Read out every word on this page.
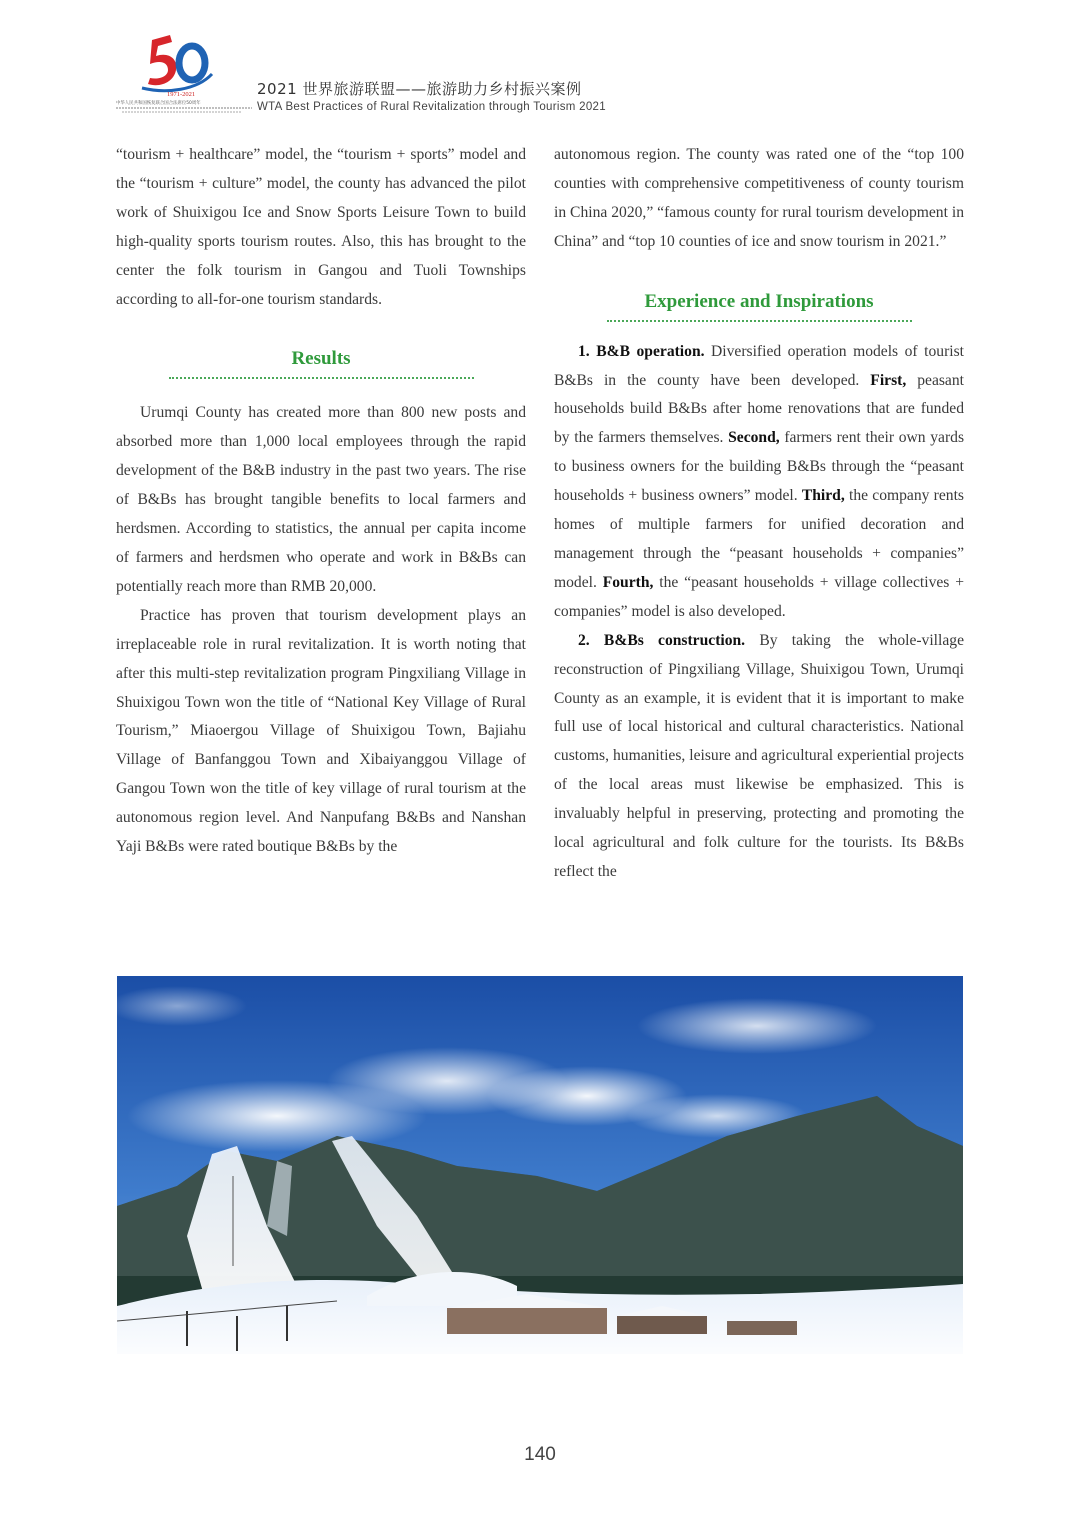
1971-2021
中华人民共和国恢复联合国合法席位50周年
2021 世界旅游联盟——旅游助力乡村振兴案例
WTA Best Practices of Rural Revitalization through Tourism 2021

“tourism + healthcare” model, the “tourism + sports” model and the “tourism + culture” model, the county has advanced the pilot work of Shuixigou Ice and Snow Sports Leisure Town to build high-quality sports tourism routes. Also, this has brought to the center the folk tourism in Gangou and Tuoli Townships according to all-for-one tourism standards.

Results

Urumqi County has created more than 800 new posts and absorbed more than 1,000 local employees through the rapid development of the B&B industry in the past two years. The rise of B&Bs has brought tangible benefits to local farmers and herdsmen. According to statistics, the annual per capita income of farmers and herdsmen who operate and work in B&Bs can potentially reach more than RMB 20,000.

Practice has proven that tourism development plays an irreplaceable role in rural revitalization. It is worth noting that after this multi-step revitalization program Pingxiliang Village in Shuixigou Town won the title of “National Key Village of Rural Tourism,” Miaoergou Village of Shuixigou Town, Bajiahu Village of Banfanggou Town and Xibaiyanggou Village of Gangou Town won the title of key village of rural tourism at the autonomous region level. And Nanpufang B&Bs and Nanshan Yaji B&Bs were rated boutique B&Bs by the

autonomous region. The county was rated one of the “top 100 counties with comprehensive competitiveness of county tourism in China 2020,” “famous county for rural tourism development in China” and “top 10 counties of ice and snow tourism in 2021.”

Experience and Inspirations

1. B&B operation. Diversified operation models of tourist B&Bs in the county have been developed. First, peasant households build B&Bs after home renovations that are funded by the farmers themselves. Second, farmers rent their own yards to business owners for the building B&Bs through the “peasant households + business owners” model. Third, the company rents homes of multiple farmers for unified decoration and management through the “peasant households + companies” model. Fourth, the “peasant households + village collectives + companies” model is also developed.

2. B&Bs construction. By taking the whole-village reconstruction of Pingxiliang Village, Shuixigou Town, Urumqi County as an example, it is evident that it is important to make full use of local historical and cultural characteristics. National customs, humanities, leisure and agricultural experiential projects of the local areas must likewise be emphasized. This is invaluably helpful in preserving, protecting and promoting the local agricultural and folk culture for the tourists. Its B&Bs reflect the

140
